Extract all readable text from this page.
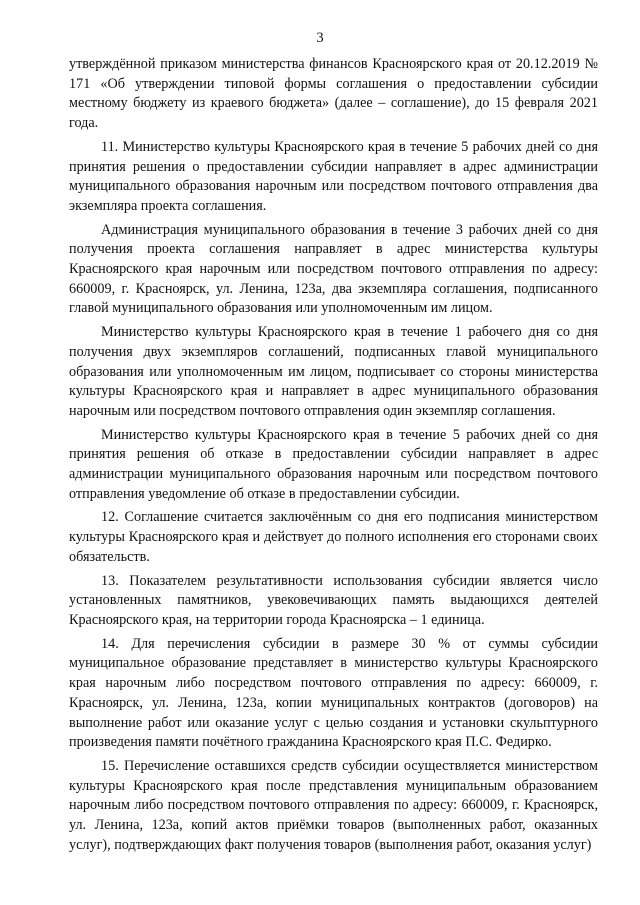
3

утверждённой приказом министерства финансов Красноярского края от 20.12.2019 № 171 «Об утверждении типовой формы соглашения о предоставлении субсидии местному бюджету из краевого бюджета» (далее – соглашение), до 15 февраля 2021 года.

11. Министерство культуры Красноярского края в течение 5 рабочих дней со дня принятия решения о предоставлении субсидии направляет в адрес администрации муниципального образования нарочным или посредством почтового отправления два экземпляра проекта соглашения.

Администрация муниципального образования в течение 3 рабочих дней со дня получения проекта соглашения направляет в адрес министерства культуры Красноярского края нарочным или посредством почтового отправления по адресу: 660009, г. Красноярск, ул. Ленина, 123а, два экземпляра соглашения, подписанного главой муниципального образования или уполномоченным им лицом.

Министерство культуры Красноярского края в течение 1 рабочего дня со дня получения двух экземпляров соглашений, подписанных главой муниципального образования или уполномоченным им лицом, подписывает со стороны министерства культуры Красноярского края и направляет в адрес муниципального образования нарочным или посредством почтового отправления один экземпляр соглашения.

Министерство культуры Красноярского края в течение 5 рабочих дней со дня принятия решения об отказе в предоставлении субсидии направляет в адрес администрации муниципального образования нарочным или посредством почтового отправления уведомление об отказе в предоставлении субсидии.

12. Соглашение считается заключённым со дня его подписания министерством культуры Красноярского края и действует до полного исполнения его сторонами своих обязательств.

13. Показателем результативности использования субсидии является число установленных памятников, увековечивающих память выдающихся деятелей Красноярского края, на территории города Красноярска – 1 единица.

14. Для перечисления субсидии в размере 30 % от суммы субсидии муниципальное образование представляет в министерство культуры Красноярского края нарочным либо посредством почтового отправления по адресу: 660009, г. Красноярск, ул. Ленина, 123а, копии муниципальных контрактов (договоров) на выполнение работ или оказание услуг с целью создания и установки скульптурного произведения памяти почётного гражданина Красноярского края П.С. Федирко.

15. Перечисление оставшихся средств субсидии осуществляется министерством культуры Красноярского края после представления муниципальным образованием нарочным либо посредством почтового отправления по адресу: 660009, г. Красноярск, ул. Ленина, 123а, копий актов приёмки товаров (выполненных работ, оказанных услуг), подтверждающих факт получения товаров (выполнения работ, оказания услуг)
